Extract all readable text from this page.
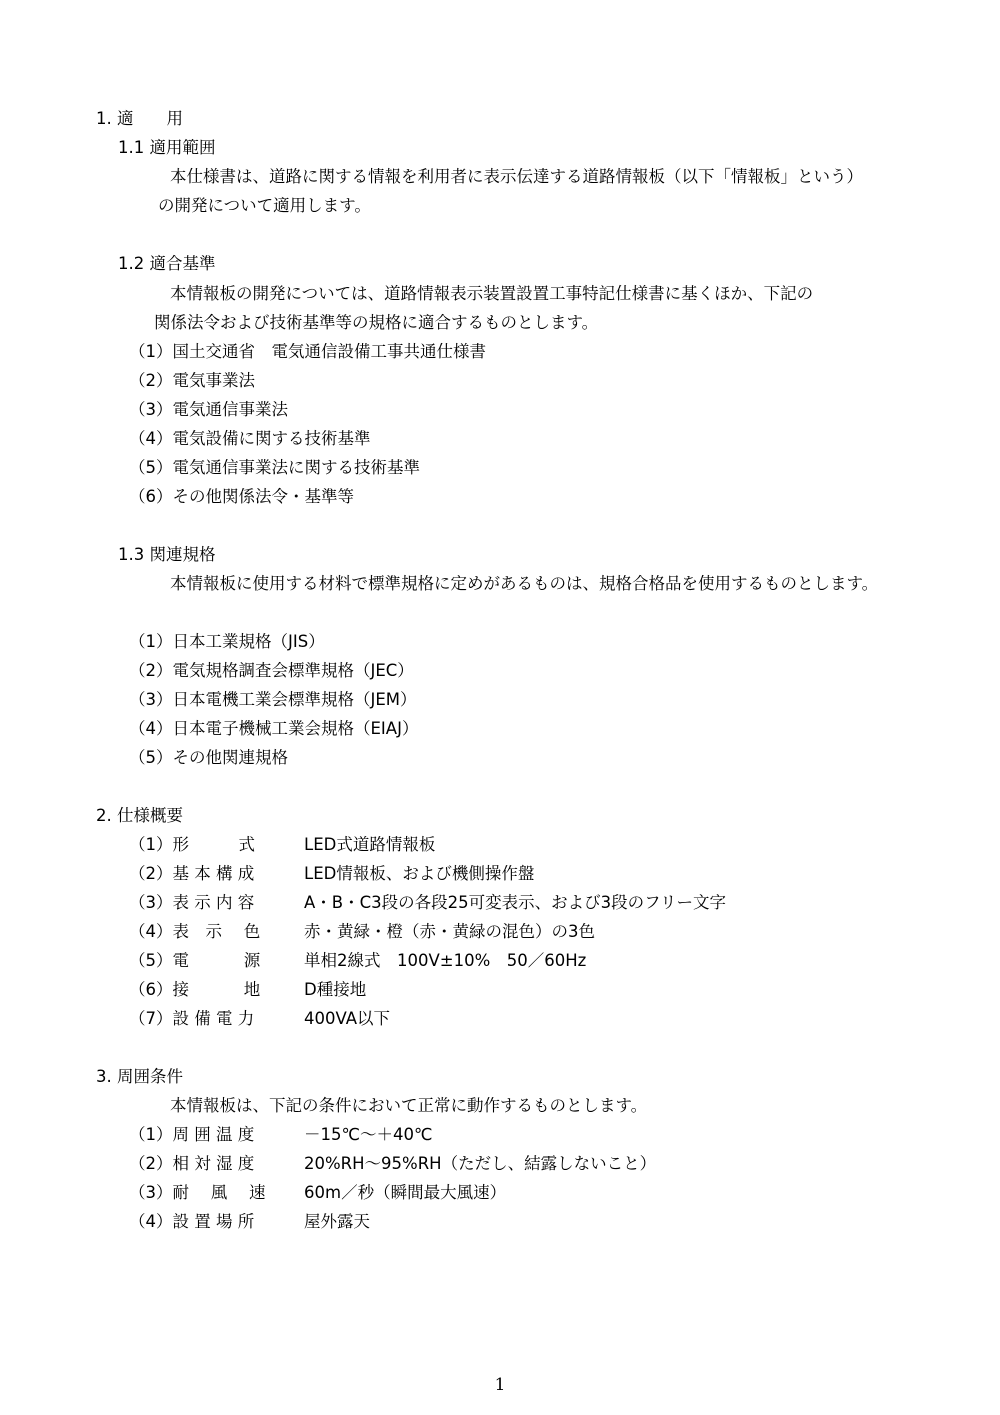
1. 適　　用
1.1 適用範囲
本仕様書は、道路に関する情報を利用者に表示伝達する道路情報板（以下「情報板」という）
の開発について適用します。
1.2 適合基準
本情報板の開発については、道路情報表示装置設置工事特記仕様書に基くほか、下記の
関係法令および技術基準等の規格に適合するものとします。
（1）国土交通省　電気通信設備工事共通仕様書
（2）電気事業法
（3）電気通信事業法
（4）電気設備に関する技術基準
（5）電気通信事業法に関する技術基準
（6）その他関係法令・基準等
1.3 関連規格
本情報板に使用する材料で標準規格に定めがあるものは、規格合格品を使用するものとします。
（1）日本工業規格（JIS）
（2）電気規格調査会標準規格（JEC）
（3）日本電機工業会標準規格（JEM）
（4）日本電子機械工業会規格（EIAJ）
（5）その他関連規格
2. 仕様概要
（1）形　　　式	LED式道路情報板
（2）基 本 構 成	LED情報板、および機側操作盤
（3）表 示 内 容	A・B・C3段の各段25可変表示、および3段のフリー文字
（4）表　示　 色	赤・黄緑・橙（赤・黄緑の混色）の3色
（5）電　　　 源	単相2線式　100V±10%　50／60Hz
（6）接　　　 地	D種接地
（7）設 備 電 力	400VA以下
3. 周囲条件
本情報板は、下記の条件において正常に動作するものとします。
（1）周 囲 温 度	－15℃～＋40℃
（2）相 対 湿 度	20%RH～95%RH（ただし、結露しないこと）
（3）耐　 風　 速 60m／秒（瞬間最大風速）
（4）設 置 場 所	屋外露天
1
